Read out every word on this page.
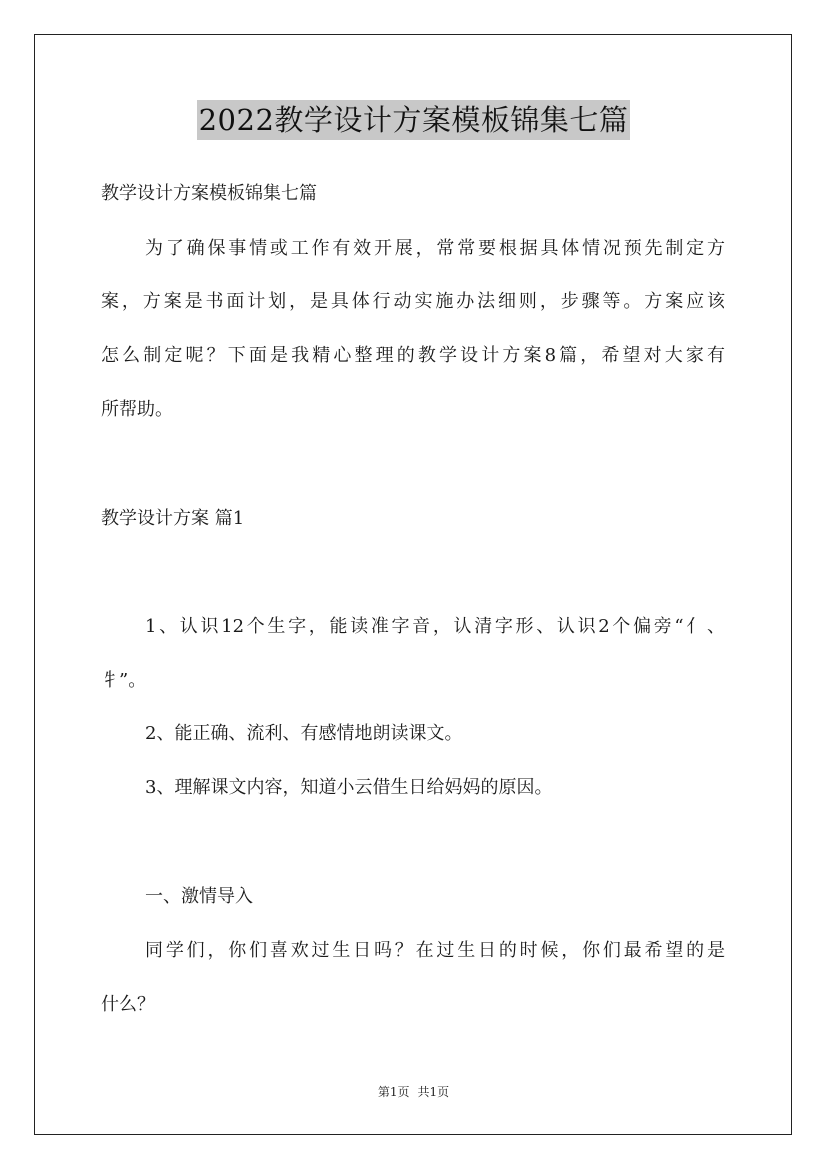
2022教学设计方案模板锦集七篇
教学设计方案模板锦集七篇
为了确保事情或工作有效开展，常常要根据具体情况预先制定方
案，方案是书面计划，是具体行动实施办法细则，步骤等。方案应该
怎么制定呢？下面是我精心整理的教学设计方案8篇，希望对大家有
所帮助。
教学设计方案 篇1
1、认识12个生字，能读准字音，认清字形、认识2个偏旁“亻、
牜”。
2、能正确、流利、有感情地朗读课文。
3、理解课文内容，知道小云借生日给妈妈的原因。
一、激情导入
同学们，你们喜欢过生日吗？在过生日的时候，你们最希望的是
什么？
第1页 共1页
